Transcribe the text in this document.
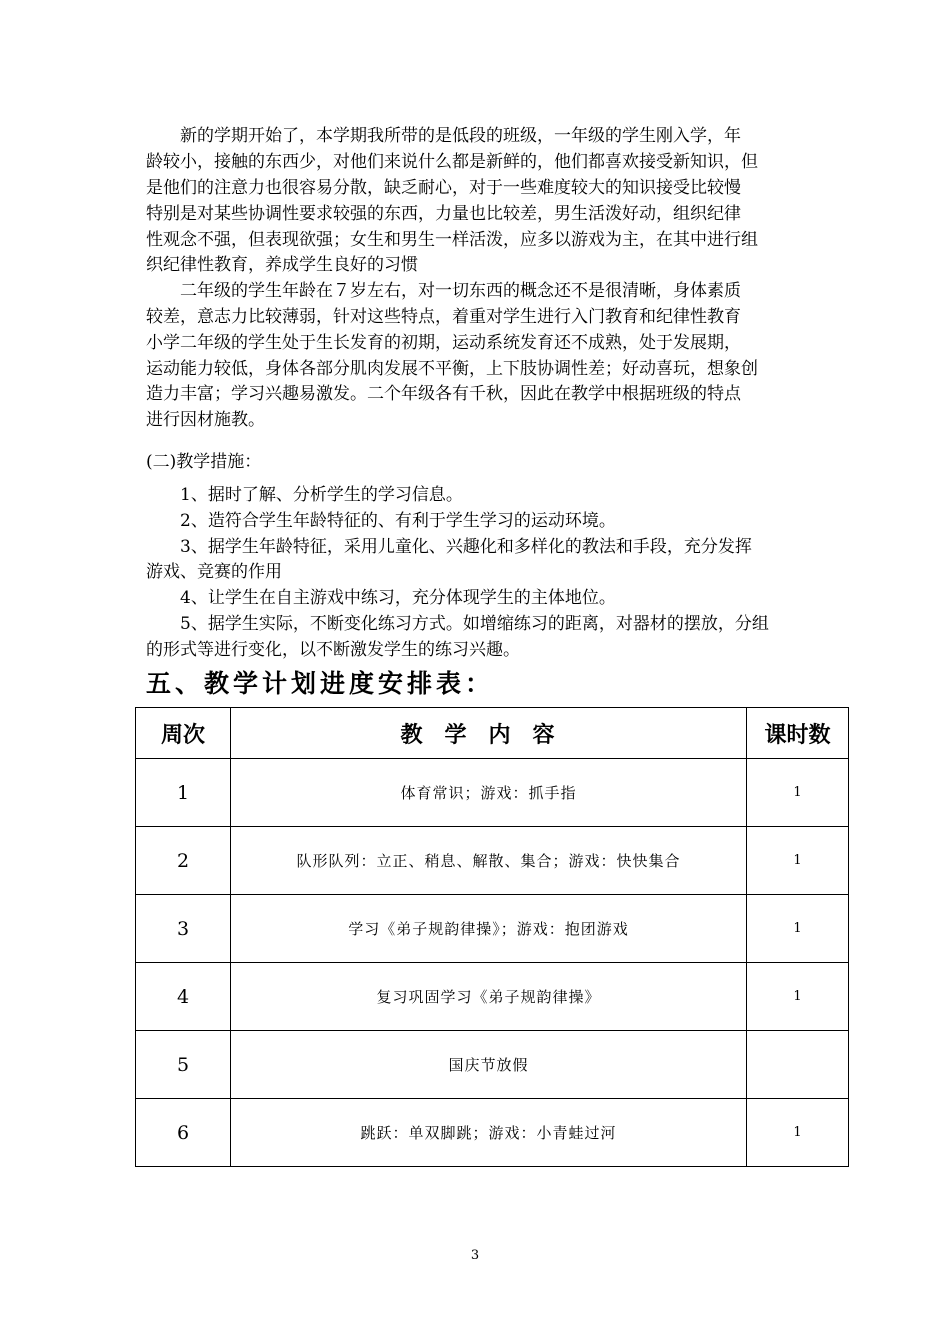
　　新的学期开始了，本学期我所带的是低段的班级，一年级的学生刚入学，年
龄较小，接触的东西少，对他们来说什么都是新鲜的，他们都喜欢接受新知识，但
是他们的注意力也很容易分散，缺乏耐心，对于一些难度较大的知识接受比较慢
特别是对某些协调性要求较强的东西，力量也比较差，男生活泼好动，组织纪律
性观念不强，但表现欲强；女生和男生一样活泼，应多以游戏为主，在其中进行组
织纪律性教育，养成学生良好的习惯
　　二年级的学生年龄在７岁左右，对一切东西的概念还不是很清晰，身体素质
较差，意志力比较薄弱，针对这些特点，着重对学生进行入门教育和纪律性教育
小学二年级的学生处于生长发育的初期，运动系统发育还不成熟，处于发展期，
运动能力较低，身体各部分肌肉发展不平衡，上下肢协调性差；好动喜玩，想象创
造力丰富；学习兴趣易激发。二个年级各有千秋，因此在教学中根据班级的特点
进行因材施教。
(二)教学措施：
　　1、据时了解、分析学生的学习信息。
　　2、造符合学生年龄特征的、有利于学生学习的运动环境。
　　3、据学生年龄特征，采用儿童化、兴趣化和多样化的教法和手段，充分发挥
游戏、竞赛的作用
　　4、让学生在自主游戏中练习，充分体现学生的主体地位。
　　5、据学生实际，不断变化练习方式。如增缩练习的距离，对器材的摆放，分组
的形式等进行变化，以不断激发学生的练习兴趣。
五、教学计划进度安排表：
周次	教学内容	课时数
1	体育常识；游戏：抓手指	1
2	队形队列：立正、稍息、解散、集合；游戏：快快集合	1
3	学习《弟子规韵律操》；游戏：抱团游戏	1
4	复习巩固学习《弟子规韵律操》	1
5	国庆节放假	
6	跳跃：单双脚跳；游戏：小青蛙过河	1
3
